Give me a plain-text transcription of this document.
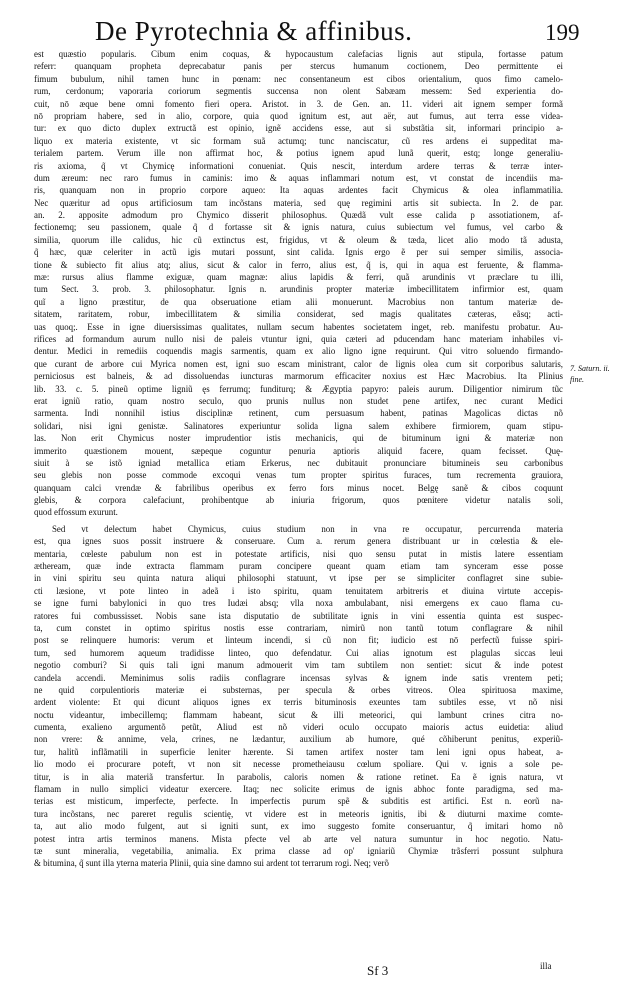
De Pyrotechnia & affinibus.	199
est quæstio popularis. Cibum enim coquas, & hypocaustum calefacias lignis aut stipula, fortasse patum
referr: quanquam propheta deprecabatur panis per stercus humanum coctionem, Deo permittente ei
fimum bubulum, nihil tamen hunc in pœnam: nec consentaneum est cibos orientalium, quos fimo camelo-
rum, cerdonum; vaporaria coriorum segmentis succensa non olent Sabæam messem: Sed experientia do-
cuit, nō æque bene omni fomento fieri opera. Aristot. in 3. de Gen. an. 11. videri ait ignem semper formã
nō propriam habere, sed in alio, corpore, quia quod ignitum est, aut aër, aut fumus, aut terra esse videa-
tur: ex quo dicto duplex extructã est opinio, ignẽ accidens esse, aut si substãtia sit, informari principio a-
liquo ex materia existente, vt sic formam suã actumq; tunc nanciscatur, cũ res ardens ei suppeditat ma-
terialem partem. Verum ille non affirmat hoc, & potius ignem apud lunã querit, estq; longe generaliu-
ris axioma, q̃ vt Chymicę informationi conueniat. Quis nescit, interdum ardere terras & terræ inter-
dum æreum: nec raro fumus in caminis: imo & aquas inflammari notum est, vt constat de incendiis ma-
ris, quanquam non in proprio corpore aqueo: Ita aquas ardentes facit Chymicus & olea inflammatilia.
Nec quæritur ad opus artificiosum tam incõstans materia, sed quę regimini artis sit subiecta. In 2. de par.
an. 2. apposite admodum pro Chymico disserit philosophus. Quædã vult esse calida p assotiationem, af-
fectionemq; seu passionem, quale q̃ d fortasse sit & ignis natura, cuius subiectum vel fumus, vel carbo &
similia, quorum ille calidus, hic cũ extinctus est, frigidus, vt & oleum & tæda, licet alio modo tã adusta,
q̃ hæc, quæ celeriter in actũ igis mutari possunt, sint calida. Ignis ergo ẽ per sui semper similis, associa-
tione & subiecto fit alius atq; alius, sicut & calor in ferro, alius est, q̃ is, qui in aqua est feruente, & flamma-
mæ: rursus alius flamme exiguæ, quam magnæ: alius lapidis & ferri, quã arundinis vt præclare tu illi,
tum Sect. 3. prob. 3. philosophatur. Ignis n. arundinis propter materiæ imbecillitatem infirmior est, quam
quĩ a ligno præstitur, de qua obseruatione etiam alii monuerunt. Macrobius non tantum materiæ de-
sitatem, raritatem, robur, imbecillitatem & similia considerat, sed magis qualitates cæteras, eãsq; acti-
uas quoq;. Esse in igne diuersissimas qualitates, nullam secum habentes societatem inget, reb. manifestu probatur. Au-
rifices ad formandum aurum nullo nisi de paleis vtuntur igni, quia cæteri ad pducendam hanc materiam inhabiles vi-
dentur. Medici in remediis coquendis magis sarmentis, quam ex alio ligno igne requirunt. Qui vitro soluendo firmando-
que curant de arbore cui Myrica nomen est, igni suo escam ministrant, calor de lignis olea cum sit corporibus salutaris,
perniciosus est balneis, & ad dissoluendas iuncturas marmorum efficaciter noxius est Hæc Macrobius. Ita Plinius
lib. 33. c. 5. pineũ optime ligniũ ęs ferrumq; funditurq; & Ægyptia papyro: paleis aurum. Diligentior nimirum tũc
erat igniũ ratio, quam nostro seculo, quo prunis nullus non studet pene artifex, nec curant Medici
sarmenta. Indi nonnihil istius disciplinæ retinent, cum persuasum habent, patinas Magolicas dictas nõ
solidari, nisi igni genistæ. Salinatores experiuntur solida ligna salem exhibere firmiorem, quam stipu-
las. Non erit Chymicus noster imprudentior istis mechanicis, qui de bituminum igni & materiæ non
immerito quæstionem mouent, sæpeque coguntur penuria aptioris aliquid facere, quam fecisset. Quę-
siuit à se istõ igniad metallica etiam Erkerus, nec dubitauit pronunciare bitumineis seu carbonibus
seu glebis non posse commode excoqui venas tum propter spiritus furaces, tum recrementa grauiora,
quanquam calci vrendæ & fabrilibus operibus ex ferro fors minus nocet. Belgę sanẽ & cibos coquunt
glebis, & corpora calefaciunt, prohibentque ab iniuria frigorum, quos pœnitere videtur natalis soli,
quod effossum exurunt.
Sed vt delectum habet Chymicus, cuius studium non in vna re occupatur, percurrenda materia
est, qua ignes suos possit instruere & conseruare. Cum a. rerum genera distribuant ur in cœlestia & ele-
mentaria, cœleste pabulum non est in potestate artificis, nisi quo sensu putat in mistis latere essentiam
ætheream, quæ inde extracta flammam puram concipere queant quam etiam tam synceram esse posse
in vini spiritu seu quinta natura aliqui philosophi statuunt, vt ipse per se simpliciter conflagret sine subie-
cti læsione, vt pote linteo in adeã i isto spiritu, quam tenuitatem arbitreris et diuina virtute accepis-
se igne furni babylonici in quo tres Iudæi absq; vlla noxa ambulabant, nisi emergens ex cauo flama cu-
ratores fui combussisset. Nobis sane ista disputatio de subtilitate ignis in vini essentia quinta est suspec-
ta, cum constet in optimo spiritus nostis esse contrariam, nimirũ non tantũ totum conflagrare & nihil
post se relinquere humoris: verum et linteum incendi, si cũ non fit; iudicio est nō perfectũ fuisse spiri-
tum, sed humorem aqueum tradidisse linteo, quo defendatur. Cui alias ignotum est plagulas siccas leui
negotio comburi? Si quis tali igni manum admouerit vim tam subtilem non sentiet: sicut & inde potest
candela accendi. Meminimus solis radiis conflagrare incensas sylvas & ignem inde satis vrentem peti;
ne quid corpulentioris materiæ ei substernas, per specula & orbes vitreos. Olea spirituosa maxime,
ardent violente: Et qui dicunt aliquos ignes ex terris bituminosis exeuntes tam subtiles esse, vt nõ nisi
noctu videantur, imbecillemq; flammam habeant, sicut & illi meteorici, qui lambunt crines citra no-
cumenta, exalieno argumentõ petũt, Aliud est nõ videri oculo occupato maioris actus euidetia: aliud
non vrere: & annime, vela, crines, ne lædantur, auxilium ab humore, qué cõhiberunt penitus, experiũ-
tur, halitũ inflãmatili in superficie leniter hærente. Si tamen artifex noster tam leni igni opus habeat, a-
lio modo ei procurare poteft, vt non sit necesse prometheiausu cœlum spoliare. Qui v. ignis a sole pe-
titur, is in alia materiã transfertur. In parabolis, caloris nomen & ratione retinet. Ea ẽ ignis natura, vt
flamam in nullo simplici videatur exercere. Itaq; nec solicite erimus de ignis abhoc fonte paradigma, sed ma-
terias est misticum, imperfecte, perfecte. In imperfectis purum spẽ & subditis est artifici. Est n. eorũ na-
tura incõstans, nec pareret regulis scientię, vt videre est in meteoris ignitis, ibi & diuturni maxime comte-
ta, aut alio modo fulgent, aut si igniti sunt, ex imo suggesto fomite conseruantur, q̃ imitari homo nõ
potest intra artis terminos manens. Mista pfecte vel ab arte vel natura sumuntur in hoc negotio. Natu-
tæ sunt mineralia, vegetabilia, animalia. Ex prima classe ad op' igniariũ Chymiæ trãsferri possunt sulphura
& bitumina, q̃ sunt illa yterna materia Plinii, quia sine damno sui ardent tot terrarum rogi. Neq; verõ
7. Saturn. ii. fine.
Sf 3	illa
